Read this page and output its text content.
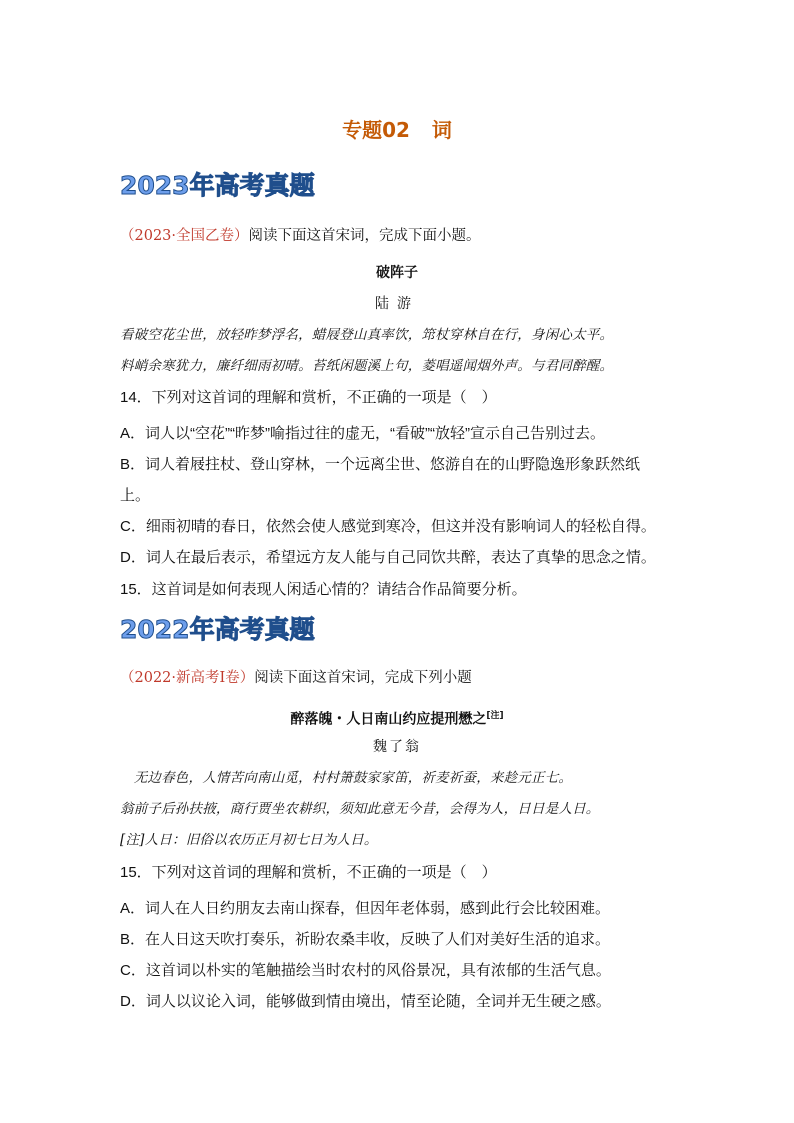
专题02 词
2023年高考真题
（2023·全国乙卷）阅读下面这首宋词，完成下面小题。
破阵子
陆游
看破空花尘世，放轻昨梦浮名，蜡屐登山真率饮，筇杖穿林自在行，身闲心太平。
料峭余寒犹力，廉纤细雨初晴。苔纸闲题溪上句，菱唱遥闻烟外声。与君同醉醒。
14．下列对这首词的理解和赏析，不正确的一项是（　）
A．词人以“空花”“昨梦”喻指过往的虚无，“看破”“放轻”宣示自己告别过去。
B．词人着屐拄杖、登山穿林，一个远离尘世、悠游自在的山野隐逸形象跃然纸
上。
C．细雨初晴的春日，依然会使人感觉到寒冷，但这并没有影响词人的轻松自得。
D．词人在最后表示，希望远方友人能与自己同饮共醉，表达了真挚的思念之情。
15．这首词是如何表现人闲适心情的？请结合作品简要分析。
2022年高考真题
（2022·新高考Ⅰ卷）阅读下面这首宋词，完成下列小题
醉落魄・人日南山约应提刑懋之[注]
魏了翁
　无边春色，人情苦向南山觅，村村箫鼓家家笛，祈麦祈蚕，来趁元正七。
翁前子后孙扶掖，商行贾坐农耕织，须知此意无今昔，会得为人，日日是人日。
[注]人日：旧俗以农历正月初七日为人日。
15．下列对这首词的理解和赏析，不正确的一项是（　）
A．词人在人日约朋友去南山探春，但因年老体弱，感到此行会比较困难。
B．在人日这天吹打奏乐，祈盼农桑丰收，反映了人们对美好生活的追求。
C．这首词以朴实的笔触描绘当时农村的风俗景况，具有浓郁的生活气息。
D．词人以议论入词，能够做到情由境出，情至论随，全词并无生硬之感。
